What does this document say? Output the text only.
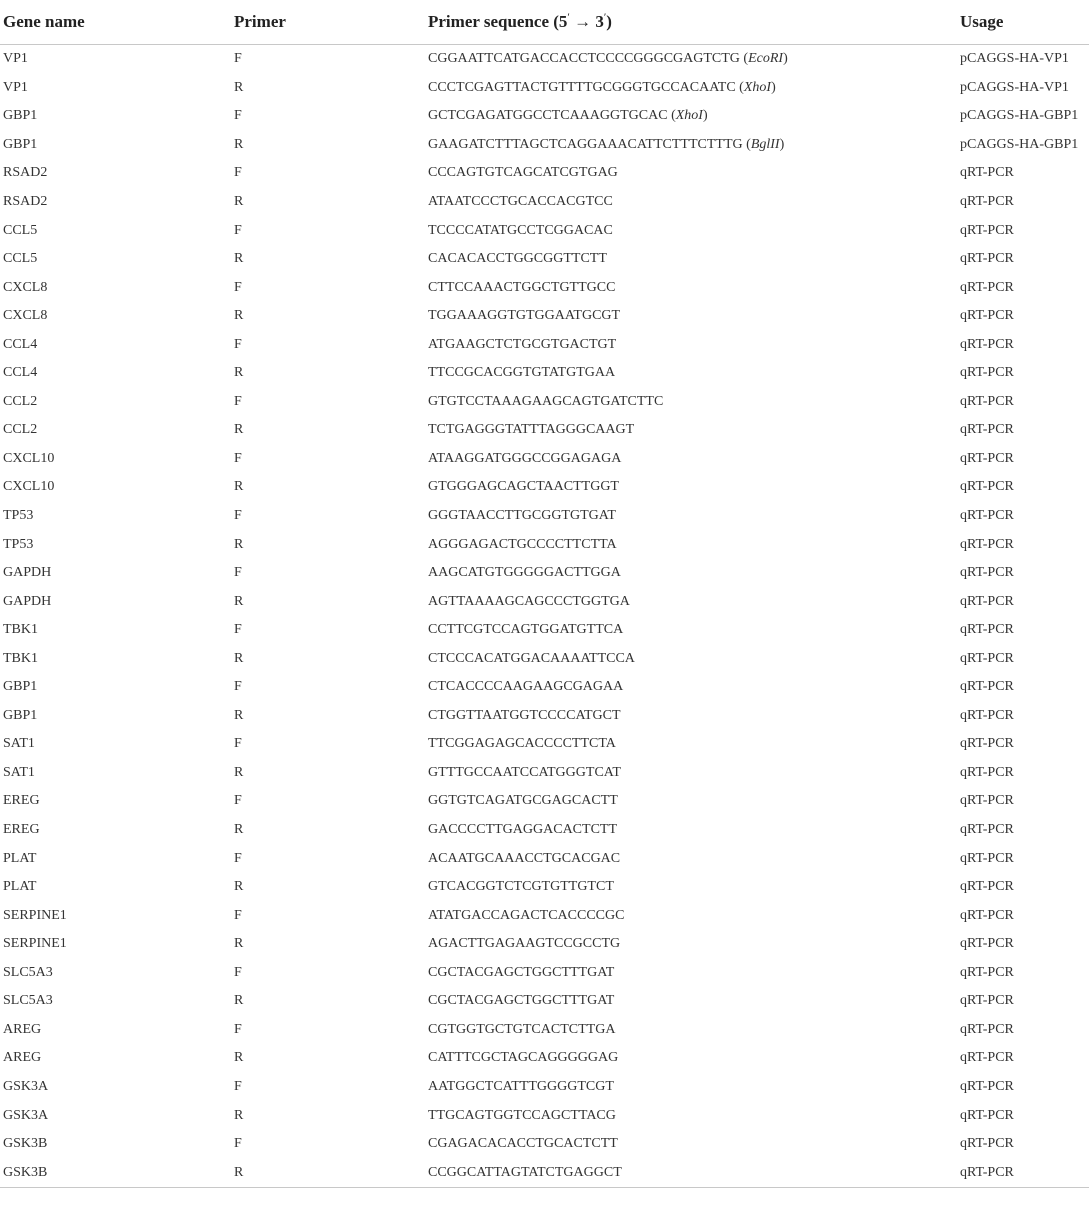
Gene name	Primer	Primer sequence (5′ → 3′)	Usage
VP1	F	CGGAATTCATGACCACCTCCCCGGGCGAGTCTG (EcoRI)	pCAGGS-HA-VP1
VP1	R	CCCTCGAGTTACTGTTTTGCGGGTGCCACAATC (XhoI)	pCAGGS-HA-VP1
GBP1	F	GCTCGAGATGGCCTCAAAGGTGCAC (XhoI)	pCAGGS-HA-GBP1
GBP1	R	GAAGATCTTTAGCTCAGGAAACATTCTTTCTTTG (BglII)	pCAGGS-HA-GBP1
RSAD2	F	CCCAGTGTCAGCATCGTGAG	qRT-PCR
RSAD2	R	ATAATCCCTGCACCACGTCC	qRT-PCR
CCL5	F	TCCCCATATGCCTCGGACAC	qRT-PCR
CCL5	R	CACACACCTGGCGGTTCTT	qRT-PCR
CXCL8	F	CTTCCAAACTGGCTGTTGCC	qRT-PCR
CXCL8	R	TGGAAAGGTGTGGAATGCGT	qRT-PCR
CCL4	F	ATGAAGCTCTGCGTGACTGT	qRT-PCR
CCL4	R	TTCCGCACGGTGTATGTGAA	qRT-PCR
CCL2	F	GTGTCCTAAAGAAGCAGTGATCTTC	qRT-PCR
CCL2	R	TCTGAGGGTATTTAGGGCAAGT	qRT-PCR
CXCL10	F	ATAAGGATGGGCCGGAGAGA	qRT-PCR
CXCL10	R	GTGGGAGCAGCTAACTTGGT	qRT-PCR
TP53	F	GGGTAACCTTGCGGTGTGAT	qRT-PCR
TP53	R	AGGGAGACTGCCCCTTCTTA	qRT-PCR
GAPDH	F	AAGCATGTGGGGGACTTGGA	qRT-PCR
GAPDH	R	AGTTAAAAGCAGCCCTGGTGA	qRT-PCR
TBK1	F	CCTTCGTCCAGTGGATGTTCA	qRT-PCR
TBK1	R	CTCCCACATGGACAAAATTCCA	qRT-PCR
GBP1	F	CTCACCCCAAGAAGCGAGAA	qRT-PCR
GBP1	R	CTGGTTAATGGTCCCCATGCT	qRT-PCR
SAT1	F	TTCGGAGAGCACCCCTTCTA	qRT-PCR
SAT1	R	GTTTGCCAATCCATGGGTCAT	qRT-PCR
EREG	F	GGTGTCAGATGCGAGCACTT	qRT-PCR
EREG	R	GACCCCTTGAGGACACTCTT	qRT-PCR
PLAT	F	ACAATGCAAACCTGCACGAC	qRT-PCR
PLAT	R	GTCACGGTCTCGTGTTGTCT	qRT-PCR
SERPINE1	F	ATATGACCAGACTCACCCCGC	qRT-PCR
SERPINE1	R	AGACTTGAGAAGTCCGCCTG	qRT-PCR
SLC5A3	F	CGCTACGAGCTGGCTTTGAT	qRT-PCR
SLC5A3	R	CGCTACGAGCTGGCTTTGAT	qRT-PCR
AREG	F	CGTGGTGCTGTCACTCTTGA	qRT-PCR
AREG	R	CATTTCGCTAGCAGGGGGAG	qRT-PCR
GSK3A	F	AATGGCTCATTTGGGGTCGT	qRT-PCR
GSK3A	R	TTGCAGTGGTCCAGCTTACG	qRT-PCR
GSK3B	F	CGAGACACACCTGCACTCTT	qRT-PCR
GSK3B	R	CCGGCATTAGTATCTGAGGCT	qRT-PCR
